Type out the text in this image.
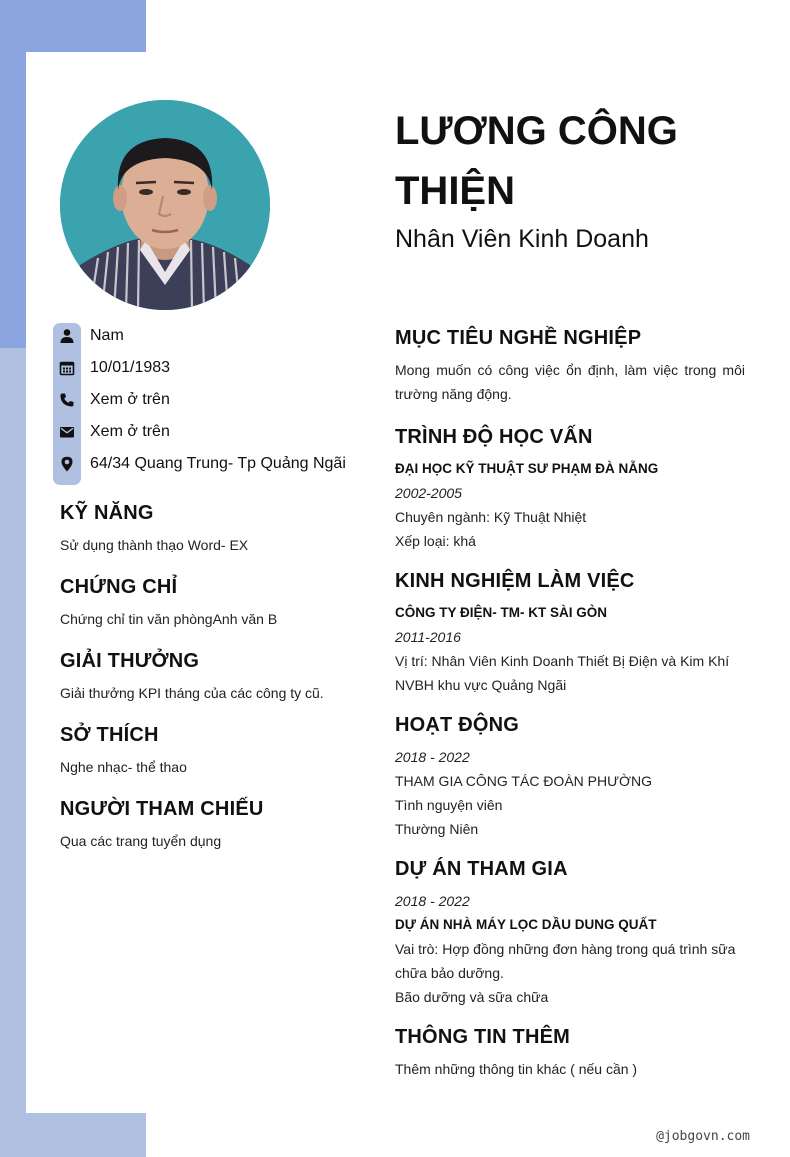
Nam
10/01/1983
Xem ở trên
Xem ở trên
64/34 Quang Trung- Tp Quảng Ngãi
KỸ NĂNG
Sử dụng thành thạo Word- EX
CHỨNG CHỈ
Chứng chỉ tin văn phòngAnh văn B
GIẢI THƯỞNG
Giải thưởng KPI tháng của các công ty cũ.
SỞ THÍCH
Nghe nhạc- thể thao
NGƯỜI THAM CHIẾU
Qua các trang tuyển dụng
LƯƠNG CÔNG THIỆN
Nhân Viên Kinh Doanh
MỤC TIÊU NGHỀ NGHIỆP
Mong muốn có công việc ổn định, làm việc trong môi trường năng động.
TRÌNH ĐỘ HỌC VẤN
ĐẠI HỌC KỸ THUẬT SƯ PHẠM ĐÀ NẴNG
2002-2005
Chuyên ngành: Kỹ Thuật Nhiệt
Xếp loại: khá
KINH NGHIỆM LÀM VIỆC
CÔNG TY ĐIỆN- TM- KT SÀI GÒN
2011-2016
Vị trí: Nhân Viên Kinh Doanh Thiết Bị Điện và Kim Khí
NVBH khu vực Quảng Ngãi
HOẠT ĐỘNG
2018 - 2022
THAM GIA CÔNG TÁC ĐOÀN PHƯỜNG
Tình nguyện viên
Thường Niên
DỰ ÁN THAM GIA
2018 - 2022
DỰ ÁN NHÀ MÁY LỌC DẦU DUNG QUẤT
Vai trò: Hợp đồng những đơn hàng trong quá trình sữa
chữa bảo dưỡng.
Bão dưỡng và sữa chữa
THÔNG TIN THÊM
Thêm những thông tin khác ( nếu cần )
@jobgovn.com
